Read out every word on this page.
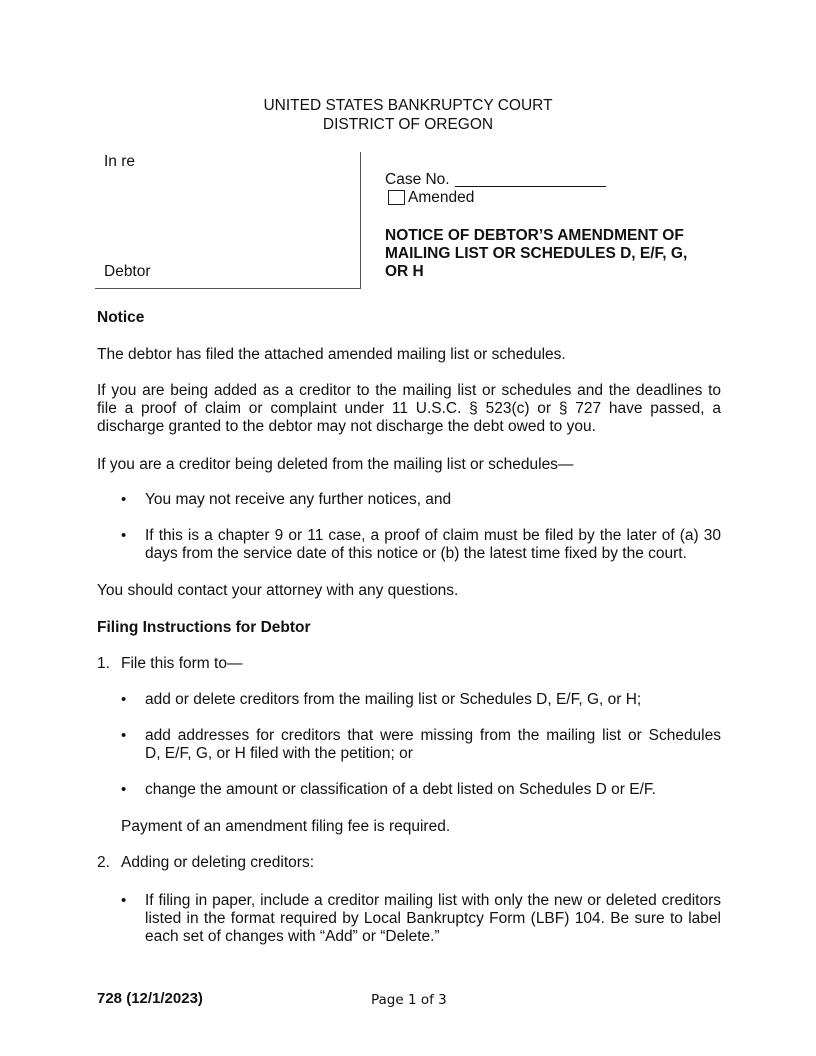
UNITED STATES BANKRUPTCY COURT
DISTRICT OF OREGON
In re
Debtor
Case No.
Amended
NOTICE OF DEBTOR’S AMENDMENT OF
MAILING LIST OR SCHEDULES D, E/F, G,
OR H
Notice
The debtor has filed the attached amended mailing list or schedules.
If you are being added as a creditor to the mailing list or schedules and the deadlines to
file a proof of claim or complaint under 11 U.S.C. § 523(c) or § 727 have passed, a
discharge granted to the debtor may not discharge the debt owed to you.
If you are a creditor being deleted from the mailing list or schedules—
• You may not receive any further notices, and
• If this is a chapter 9 or 11 case, a proof of claim must be filed by the later of (a) 30
days from the service date of this notice or (b) the latest time fixed by the court.
You should contact your attorney with any questions.
Filing Instructions for Debtor
1. File this form to—
• add or delete creditors from the mailing list or Schedules D, E/F, G, or H;
• add addresses for creditors that were missing from the mailing list or Schedules
D, E/F, G, or H filed with the petition; or
• change the amount or classification of a debt listed on Schedules D or E/F.
Payment of an amendment filing fee is required.
2. Adding or deleting creditors:
• If filing in paper, include a creditor mailing list with only the new or deleted creditors
listed in the format required by Local Bankruptcy Form (LBF) 104. Be sure to label
each set of changes with “Add” or “Delete.”
728 (12/1/2023)	Page 1 of 3
